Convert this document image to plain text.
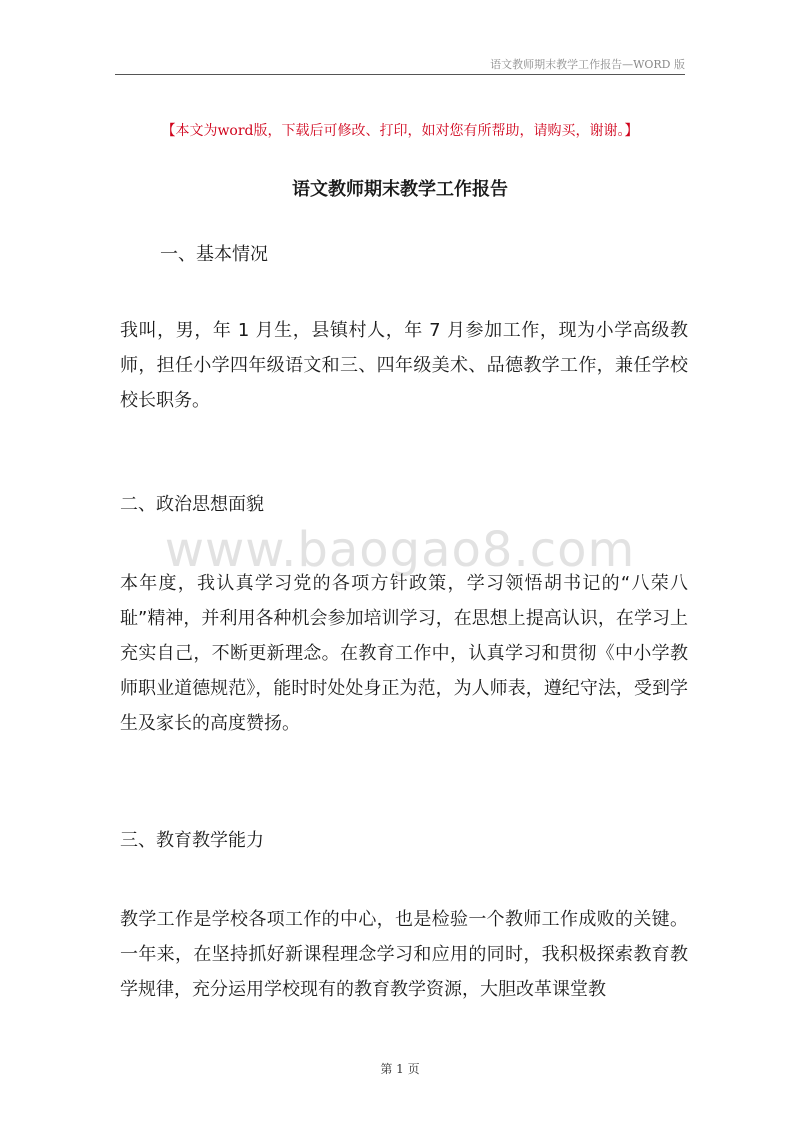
语文教师期末教学工作报告—WORD 版
【本文为word版，下载后可修改、打印，如对您有所帮助，请购买，谢谢。】
语文教师期末教学工作报告
一、基本情况
我叫，男，年 1 月生，县镇村人，年 7 月参加工作，现为小学高级教师，担任小学四年级语文和三、四年级美术、品德教学工作，兼任学校校长职务。
二、政治思想面貌
www.baogao8.com
本年度，我认真学习党的各项方针政策，学习领悟胡书记的“八荣八耻”精神，并利用各种机会参加培训学习，在思想上提高认识，在学习上充实自己，不断更新理念。在教育工作中，认真学习和贯彻《中小学教师职业道德规范》，能时时处处身正为范，为人师表，遵纪守法，受到学生及家长的高度赞扬。
三、教育教学能力
教学工作是学校各项工作的中心，也是检验一个教师工作成败的关键。一年来，在坚持抓好新课程理念学习和应用的同时，我积极探索教育教学规律，充分运用学校现有的教育教学资源，大胆改革课堂教
第 1 页
